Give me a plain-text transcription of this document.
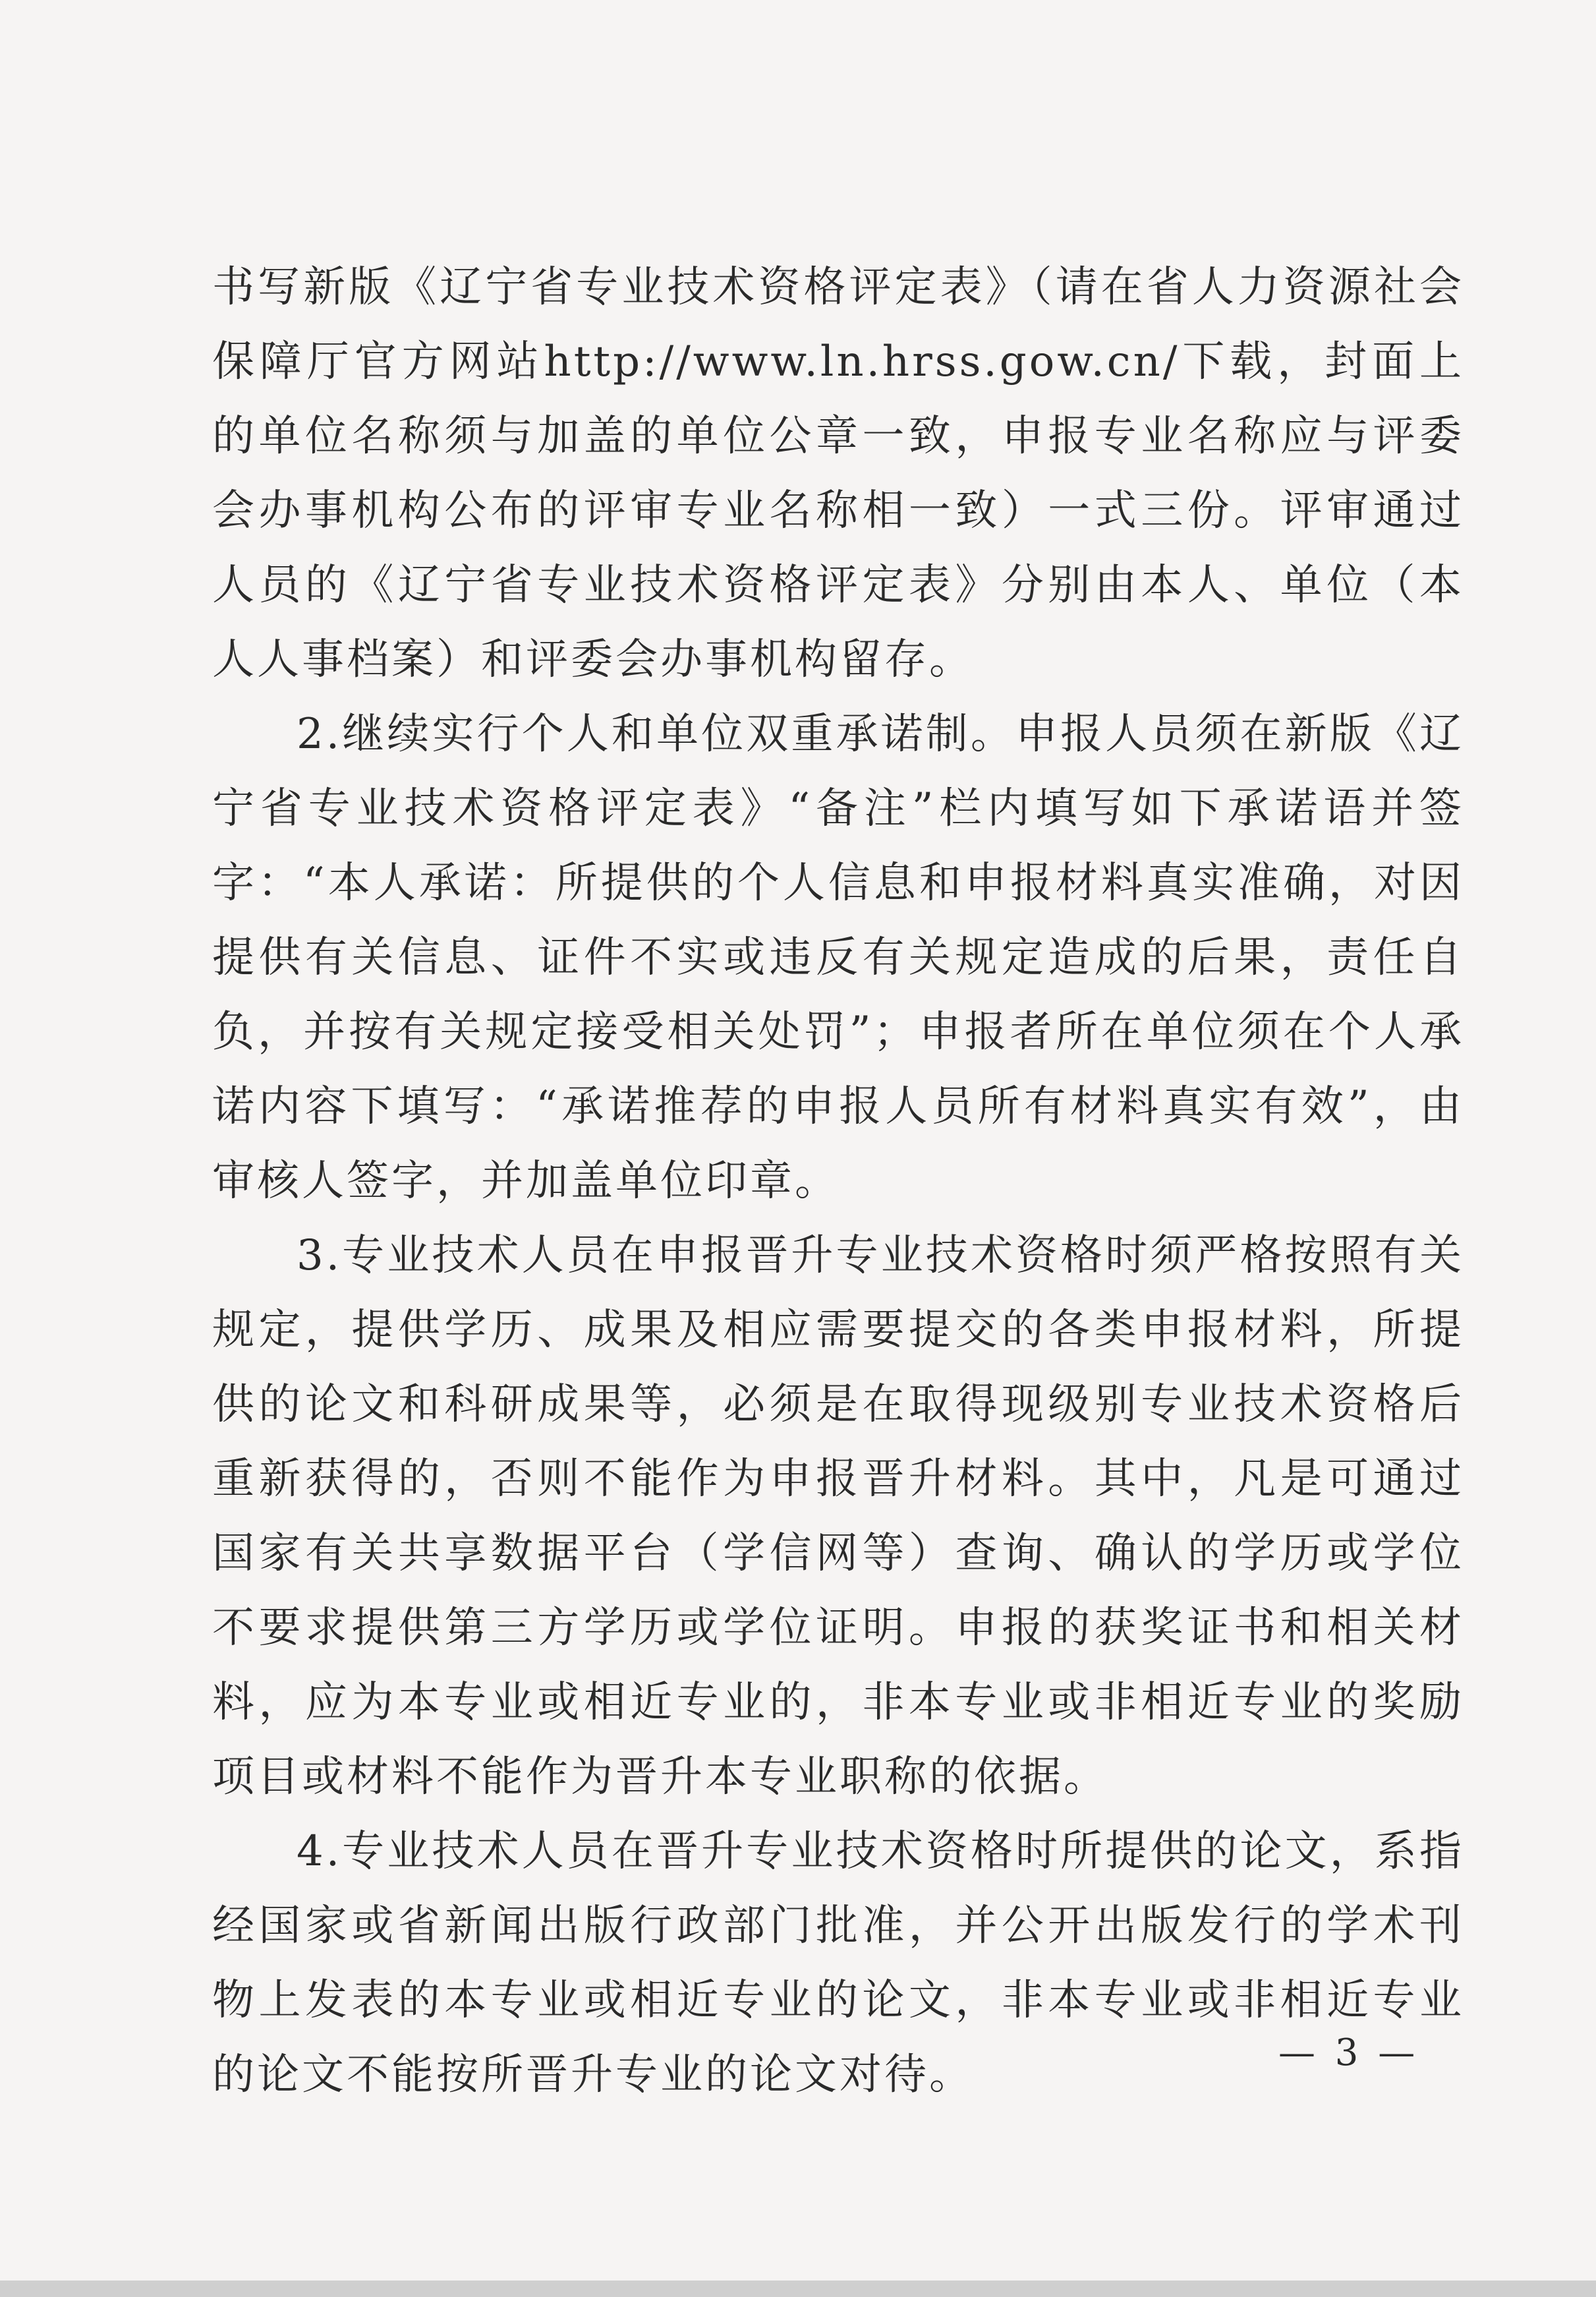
书写新版《辽宁省专业技术资格评定表》（请在省人力资源社会保障厅官方网站http://www.ln.hrss.gow.cn/下载，封面上的单位名称须与加盖的单位公章一致，申报专业名称应与评委会办事机构公布的评审专业名称相一致）一式三份。评审通过人员的《辽宁省专业技术资格评定表》分别由本人、单位（本人人事档案）和评委会办事机构留存。

2.继续实行个人和单位双重承诺制。申报人员须在新版《辽宁省专业技术资格评定表》“备注”栏内填写如下承诺语并签字：“本人承诺：所提供的个人信息和申报材料真实准确，对因提供有关信息、证件不实或违反有关规定造成的后果，责任自负，并按有关规定接受相关处罚”；申报者所在单位须在个人承诺内容下填写：“承诺推荐的申报人员所有材料真实有效”，由审核人签字，并加盖单位印章。

3.专业技术人员在申报晋升专业技术资格时须严格按照有关规定，提供学历、成果及相应需要提交的各类申报材料，所提供的论文和科研成果等，必须是在取得现级别专业技术资格后重新获得的，否则不能作为申报晋升材料。其中，凡是可通过国家有关共享数据平台（学信网等）查询、确认的学历或学位不要求提供第三方学历或学位证明。申报的获奖证书和相关材料，应为本专业或相近专业的，非本专业或非相近专业的奖励项目或材料不能作为晋升本专业职称的依据。

4.专业技术人员在晋升专业技术资格时所提供的论文，系指经国家或省新闻出版行政部门批准，并公开出版发行的学术刊物上发表的本专业或相近专业的论文，非本专业或非相近专业的论文不能按所晋升专业的论文对待。	— 3 —
